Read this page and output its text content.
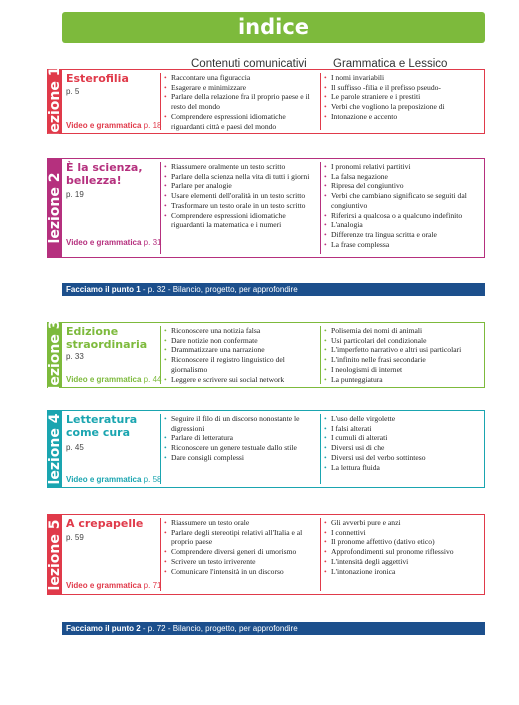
indice
Contenuti comunicativi Grammatica e Lessico
lezione 1 Esterofilia
p. 5
Video e grammatica p. 18
• Raccontare una figuraccia
• Esagerare e minimizzare
• Parlare della relazione fra il proprio paese e il resto del mondo
• Comprendere espressioni idiomatiche riguardanti città e paesi del mondo
• I nomi invariabili
• Il suffisso -filia e il prefisso pseudo-
• Le parole straniere e i prestiti
• Verbi che vogliono la preposizione di
• Intonazione e accento
lezione 2
È la scienza, bellezza!
p. 19
Video e grammatica p. 31
• Riassumere oralmente un testo scritto
• Parlare della scienza nella vita di tutti i giorni
• Parlare per analogie
• Usare elementi dell'oralità in un testo scritto
• Trasformare un testo orale in un testo scritto
• Comprendere espressioni idiomatiche riguardanti la matematica e i numeri
• I pronomi relativi partitivi
• La falsa negazione
• Ripresa del congiuntivo
• Verbi che cambiano significato se seguiti dal congiuntivo
• Riferirsi a qualcosa o a qualcuno indefinito
• L'analogia
• Differenze tra lingua scritta e orale
• La frase complessa
lezione 3 Edizione straordinaria
p. 33
Video e grammatica p. 44
• Riconoscere una notizia falsa
• Dare notizie non confermate
• Drammatizzare una narrazione
• Riconoscere il registro linguistico del giornalismo
• Leggere e scrivere sui social network
• Polisemia dei nomi di animali
• Usi particolari del condizionale
• L'imperfetto narrativo e altri usi particolari
• L'infinito nelle frasi secondarie
• I neologismi di internet
• La punteggiatura
lezione 4 Letteratura come cura
p. 45
Video e grammatica p. 58
• Seguire il filo di un discorso nonostante le digressioni
• Parlare di letteratura
• Riconoscere un genere testuale dallo stile
• Dare consigli complessi
• L'uso delle virgolette
• I falsi alterati
• I cumuli di alterati
• Diversi usi di che
• Diversi usi del verbo sottinteso
• La lettura fluida
lezione 5 A crepapelle
p. 59
Video e grammatica p. 71
• Riassumere un testo orale
• Parlare degli stereotipi relativi all'Italia e al proprio paese
• Comprendere diversi generi di umorismo
• Scrivere un testo irriverente
• Comunicare l'intensità in un discorso
• Gli avverbi pure e anzi
• I connettivi
• Il pronome affettivo (dativo etico)
• Approfondimenti sul pronome riflessivo
• L'intensità degli aggettivi
• L'intonazione ironica
Facciamo il punto 1 - p. 32 - Bilancio, progetto, per approfondire
Facciamo il punto 2 - p. 72 - Bilancio, progetto, per approfondire
